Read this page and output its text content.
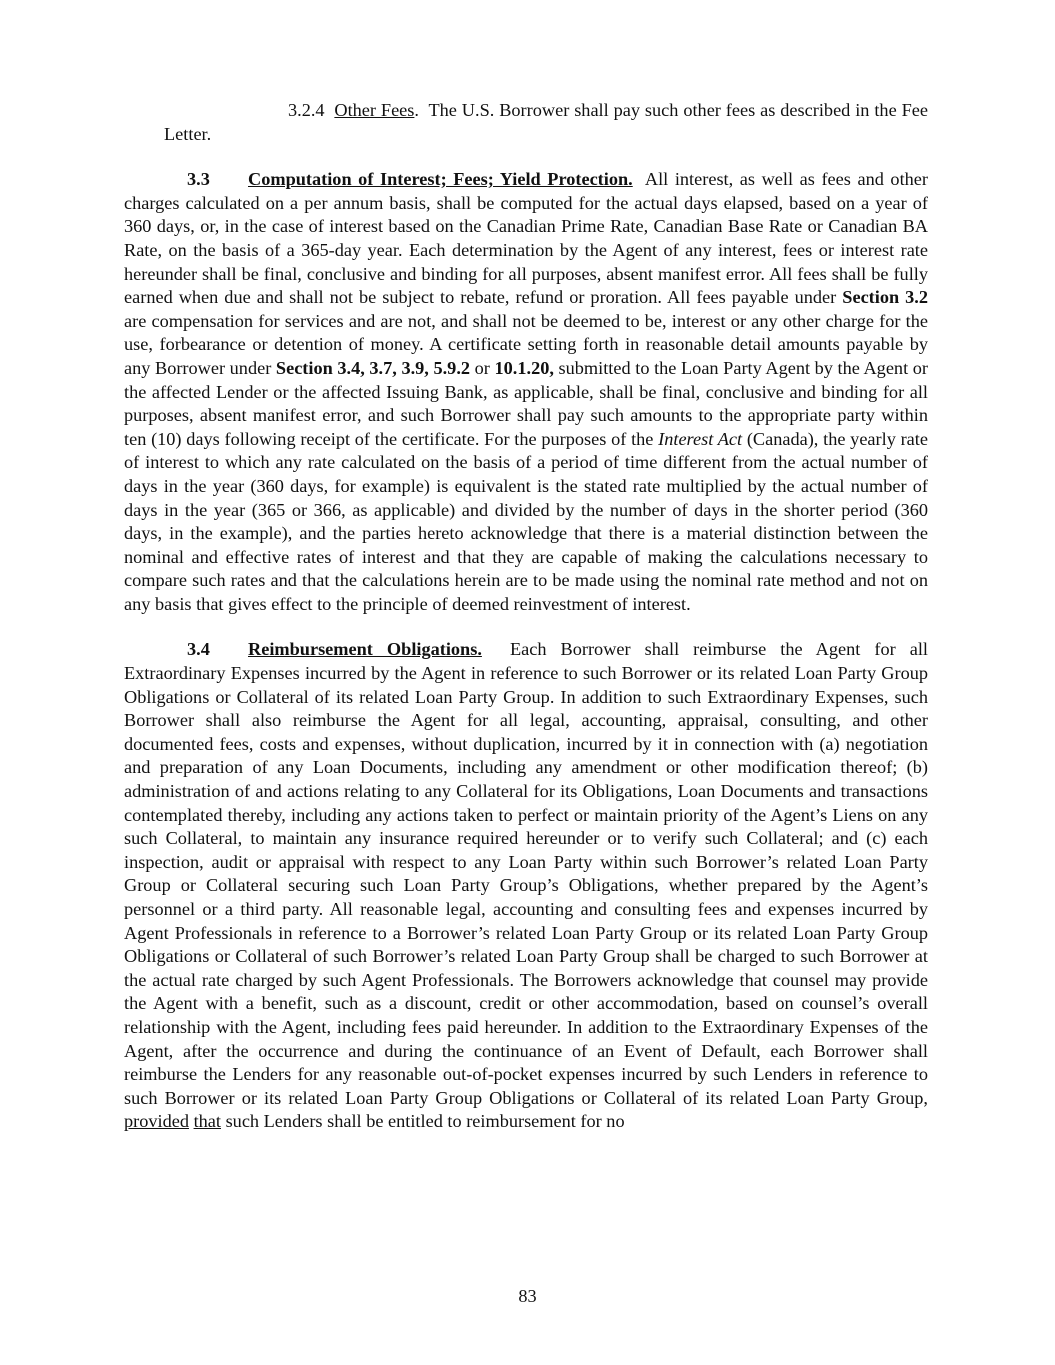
3.2.4 Other Fees. The U.S. Borrower shall pay such other fees as described in the Fee Letter.

3.3 Computation of Interest; Fees; Yield Protection. All interest, as well as fees and other charges calculated on a per annum basis, shall be computed for the actual days elapsed, based on a year of 360 days, or, in the case of interest based on the Canadian Prime Rate, Canadian Base Rate or Canadian BA Rate, on the basis of a 365-day year. Each determination by the Agent of any interest, fees or interest rate hereunder shall be final, conclusive and binding for all purposes, absent manifest error. All fees shall be fully earned when due and shall not be subject to rebate, refund or proration. All fees payable under Section 3.2 are compensation for services and are not, and shall not be deemed to be, interest or any other charge for the use, forbearance or detention of money. A certificate setting forth in reasonable detail amounts payable by any Borrower under Section 3.4, 3.7, 3.9, 5.9.2 or 10.1.20, submitted to the Loan Party Agent by the Agent or the affected Lender or the affected Issuing Bank, as applicable, shall be final, conclusive and binding for all purposes, absent manifest error, and such Borrower shall pay such amounts to the appropriate party within ten (10) days following receipt of the certificate. For the purposes of the Interest Act (Canada), the yearly rate of interest to which any rate calculated on the basis of a period of time different from the actual number of days in the year (360 days, for example) is equivalent is the stated rate multiplied by the actual number of days in the year (365 or 366, as applicable) and divided by the number of days in the shorter period (360 days, in the example), and the parties hereto acknowledge that there is a material distinction between the nominal and effective rates of interest and that they are capable of making the calculations necessary to compare such rates and that the calculations herein are to be made using the nominal rate method and not on any basis that gives effect to the principle of deemed reinvestment of interest.

3.4 Reimbursement Obligations. Each Borrower shall reimburse the Agent for all Extraordinary Expenses incurred by the Agent in reference to such Borrower or its related Loan Party Group Obligations or Collateral of its related Loan Party Group. In addition to such Extraordinary Expenses, such Borrower shall also reimburse the Agent for all legal, accounting, appraisal, consulting, and other documented fees, costs and expenses, without duplication, incurred by it in connection with (a) negotiation and preparation of any Loan Documents, including any amendment or other modification thereof; (b) administration of and actions relating to any Collateral for its Obligations, Loan Documents and transactions contemplated thereby, including any actions taken to perfect or maintain priority of the Agent’s Liens on any such Collateral, to maintain any insurance required hereunder or to verify such Collateral; and (c) each inspection, audit or appraisal with respect to any Loan Party within such Borrower’s related Loan Party Group or Collateral securing such Loan Party Group’s Obligations, whether prepared by the Agent’s personnel or a third party. All reasonable legal, accounting and consulting fees and expenses incurred by Agent Professionals in reference to a Borrower’s related Loan Party Group or its related Loan Party Group Obligations or Collateral of such Borrower’s related Loan Party Group shall be charged to such Borrower at the actual rate charged by such Agent Professionals. The Borrowers acknowledge that counsel may provide the Agent with a benefit, such as a discount, credit or other accommodation, based on counsel’s overall relationship with the Agent, including fees paid hereunder. In addition to the Extraordinary Expenses of the Agent, after the occurrence and during the continuance of an Event of Default, each Borrower shall reimburse the Lenders for any reasonable out-of-pocket expenses incurred by such Lenders in reference to such Borrower or its related Loan Party Group Obligations or Collateral of its related Loan Party Group, provided that such Lenders shall be entitled to reimbursement for no

83
